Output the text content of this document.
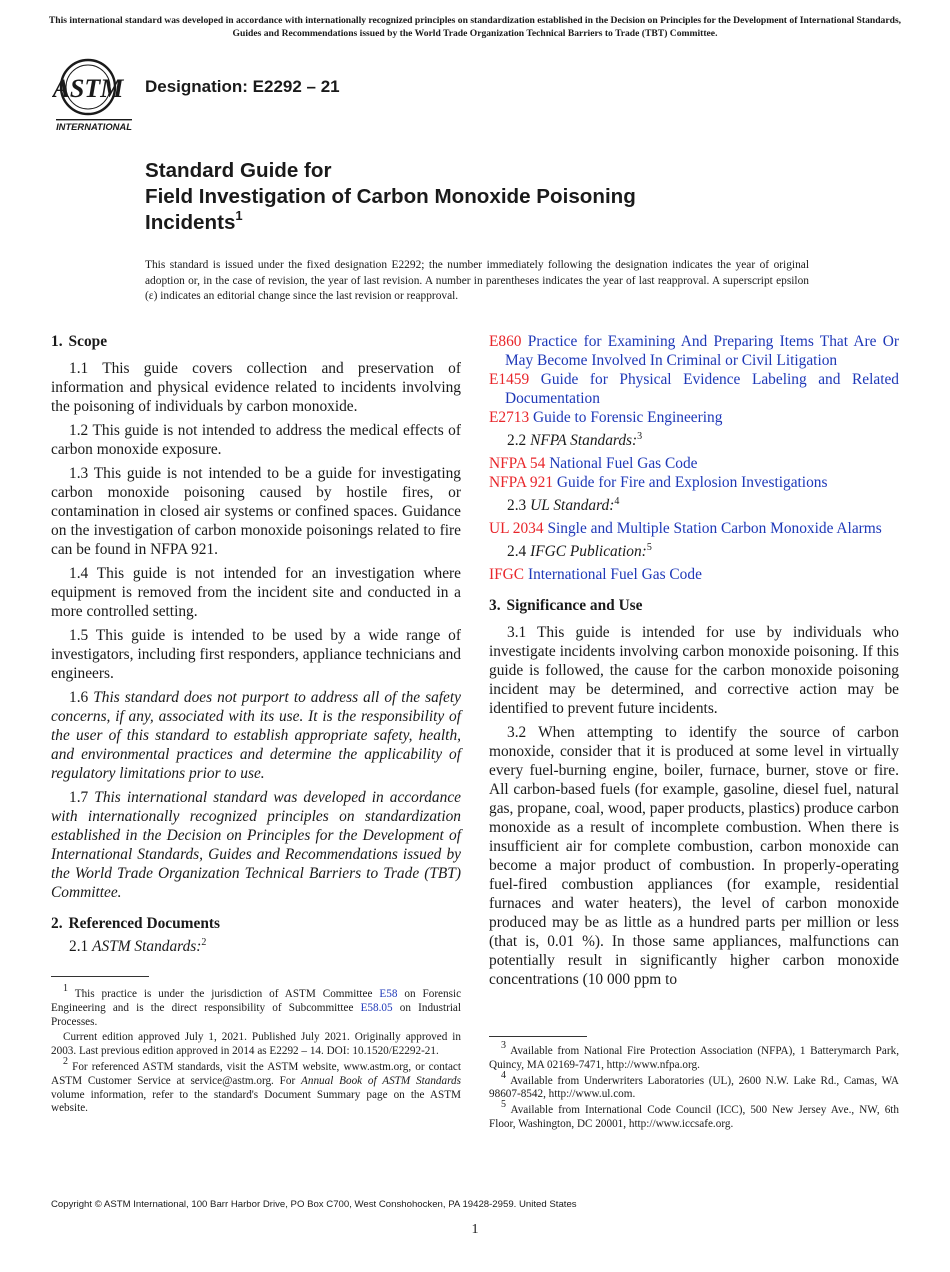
This international standard was developed in accordance with internationally recognized principles on standardization established in the Decision on Principles for the Development of International Standards, Guides and Recommendations issued by the World Trade Organization Technical Barriers to Trade (TBT) Committee.
ASTM
INTERNATIONAL
Designation: E2292 – 21
Standard Guide for
Field Investigation of Carbon Monoxide Poisoning
Incidents$^1$
This standard is issued under the fixed designation E2292; the number immediately following the designation indicates the year of original adoption or, in the case of revision, the year of last revision. A number in parentheses indicates the year of last reapproval. A superscript epsilon (ε) indicates an editorial change since the last revision or reapproval.
1. Scope

1.1 This guide covers collection and preservation of information and physical evidence related to incidents involving the poisoning of individuals by carbon monoxide.

1.2 This guide is not intended to address the medical effects of carbon monoxide exposure.

1.3 This guide is not intended to be a guide for investigating carbon monoxide poisoning caused by hostile fires, or contamination in closed air systems or confined spaces. Guidance on the investigation of carbon monoxide poisonings related to fire can be found in NFPA 921.

1.4 This guide is not intended for an investigation where equipment is removed from the incident site and conducted in a more controlled setting.

1.5 This guide is intended to be used by a wide range of investigators, including first responders, appliance technicians and engineers.

1.6 This standard does not purport to address all of the safety concerns, if any, associated with its use. It is the responsibility of the user of this standard to establish appropriate safety, health, and environmental practices and determine the applicability of regulatory limitations prior to use.

1.7 This international standard was developed in accordance with internationally recognized principles on standardization established in the Decision on Principles for the Development of International Standards, Guides and Recommendations issued by the World Trade Organization Technical Barriers to Trade (TBT) Committee.

2. Referenced Documents

2.1 ASTM Standards:$^2$

E860 Practice for Examining And Preparing Items That Are Or May Become Involved In Criminal or Civil Litigation
E1459 Guide for Physical Evidence Labeling and Related Documentation
E2713 Guide to Forensic Engineering

2.2 NFPA Standards:$^3$

NFPA 54 National Fuel Gas Code
NFPA 921 Guide for Fire and Explosion Investigations

2.3 UL Standard:$^4$

UL 2034 Single and Multiple Station Carbon Monoxide Alarms

2.4 IFGC Publication:$^5$

IFGC International Fuel Gas Code
3. Significance and Use

3.1 This guide is intended for use by individuals who investigate incidents involving carbon monoxide poisoning. If this guide is followed, the cause for the carbon monoxide poisoning incident may be determined, and corrective action may be identified to prevent future incidents.

3.2 When attempting to identify the source of carbon monoxide, consider that it is produced at some level in virtually every fuel-burning engine, boiler, furnace, burner, stove or fire. All carbon-based fuels (for example, gasoline, diesel fuel, natural gas, propane, coal, wood, paper products, plastics) produce carbon monoxide as a result of incomplete combustion. When there is insufficient air for complete combustion, carbon monoxide can become a major product of combustion. In properly-operating fuel-fired combustion appliances (for example, residential furnaces and water heaters), the level of carbon monoxide produced may be as little as a hundred parts per million or less (that is, 0.01 %). In those same appliances, malfunctions can potentially result in significantly higher carbon monoxide concentrations (10 000 ppm to

$^1$ This practice is under the jurisdiction of ASTM Committee E58 on Forensic Engineering and is the direct responsibility of Subcommittee E58.05 on Industrial Processes.

Current edition approved July 1, 2021. Published July 2021. Originally approved in 2003. Last previous edition approved in 2014 as E2292 – 14. DOI: 10.1520/E2292-21.

$^2$ For referenced ASTM standards, visit the ASTM website, www.astm.org, or contact ASTM Customer Service at service@astm.org. For Annual Book of ASTM Standards volume information, refer to the standard's Document Summary page on the ASTM website.

$^3$ Available from National Fire Protection Association (NFPA), 1 Batterymarch Park, Quincy, MA 02169-7471, http://www.nfpa.org.

$^4$ Available from Underwriters Laboratories (UL), 2600 N.W. Lake Rd., Camas, WA 98607-8542, http://www.ul.com.

$^5$ Available from International Code Council (ICC), 500 New Jersey Ave., NW, 6th Floor, Washington, DC 20001, http://www.iccsafe.org.

Copyright © ASTM International, 100 Barr Harbor Drive, PO Box C700, West Conshohocken, PA 19428-2959. United States
1
